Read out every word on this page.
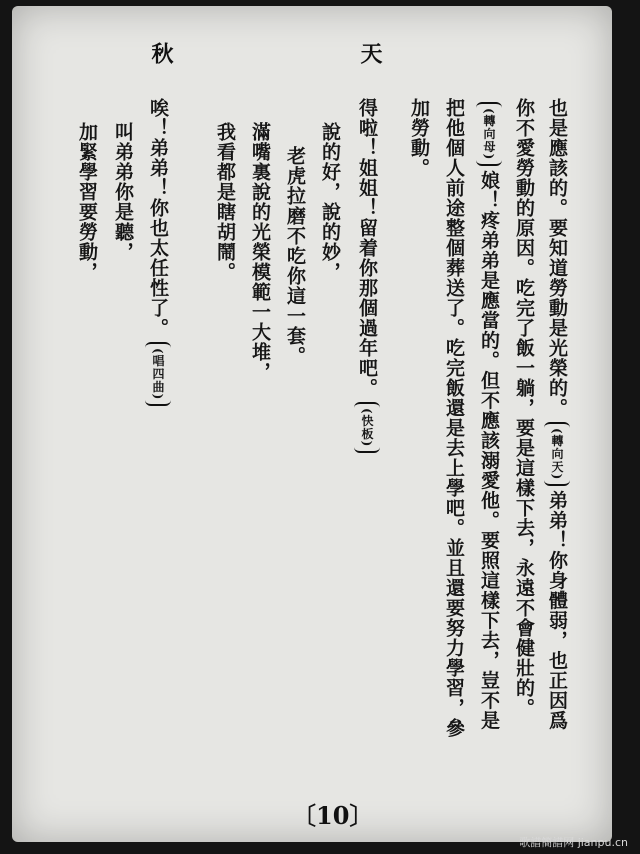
也是應該的。要知道勞動是光榮的。(轉向天)弟弟！你身體弱，也正因爲
你不愛勞動的原因。吃完了飯一躺，要是這樣下去，永遠不會健壯的。
(轉向母)娘！疼弟弟是應當的。但不應該溺愛他。要照這樣下去，豈不是
把他個人前途整個葬送了。吃完飯還是去上學吧。並且還要努力學習，參
加勞動。
天
得啦！姐姐！留着你那個過年吧。(快板)
說的好，說的妙，
老虎拉磨不吃你這一套。
滿嘴裏說的光榮模範一大堆，
我看都是瞎胡鬧。
秋
唉！弟弟！你也太任性了。(唱四曲)
叫弟弟你是聽，
加緊學習要勞動，
〔10〕
歌譜簡譜网 jianpu.cn
